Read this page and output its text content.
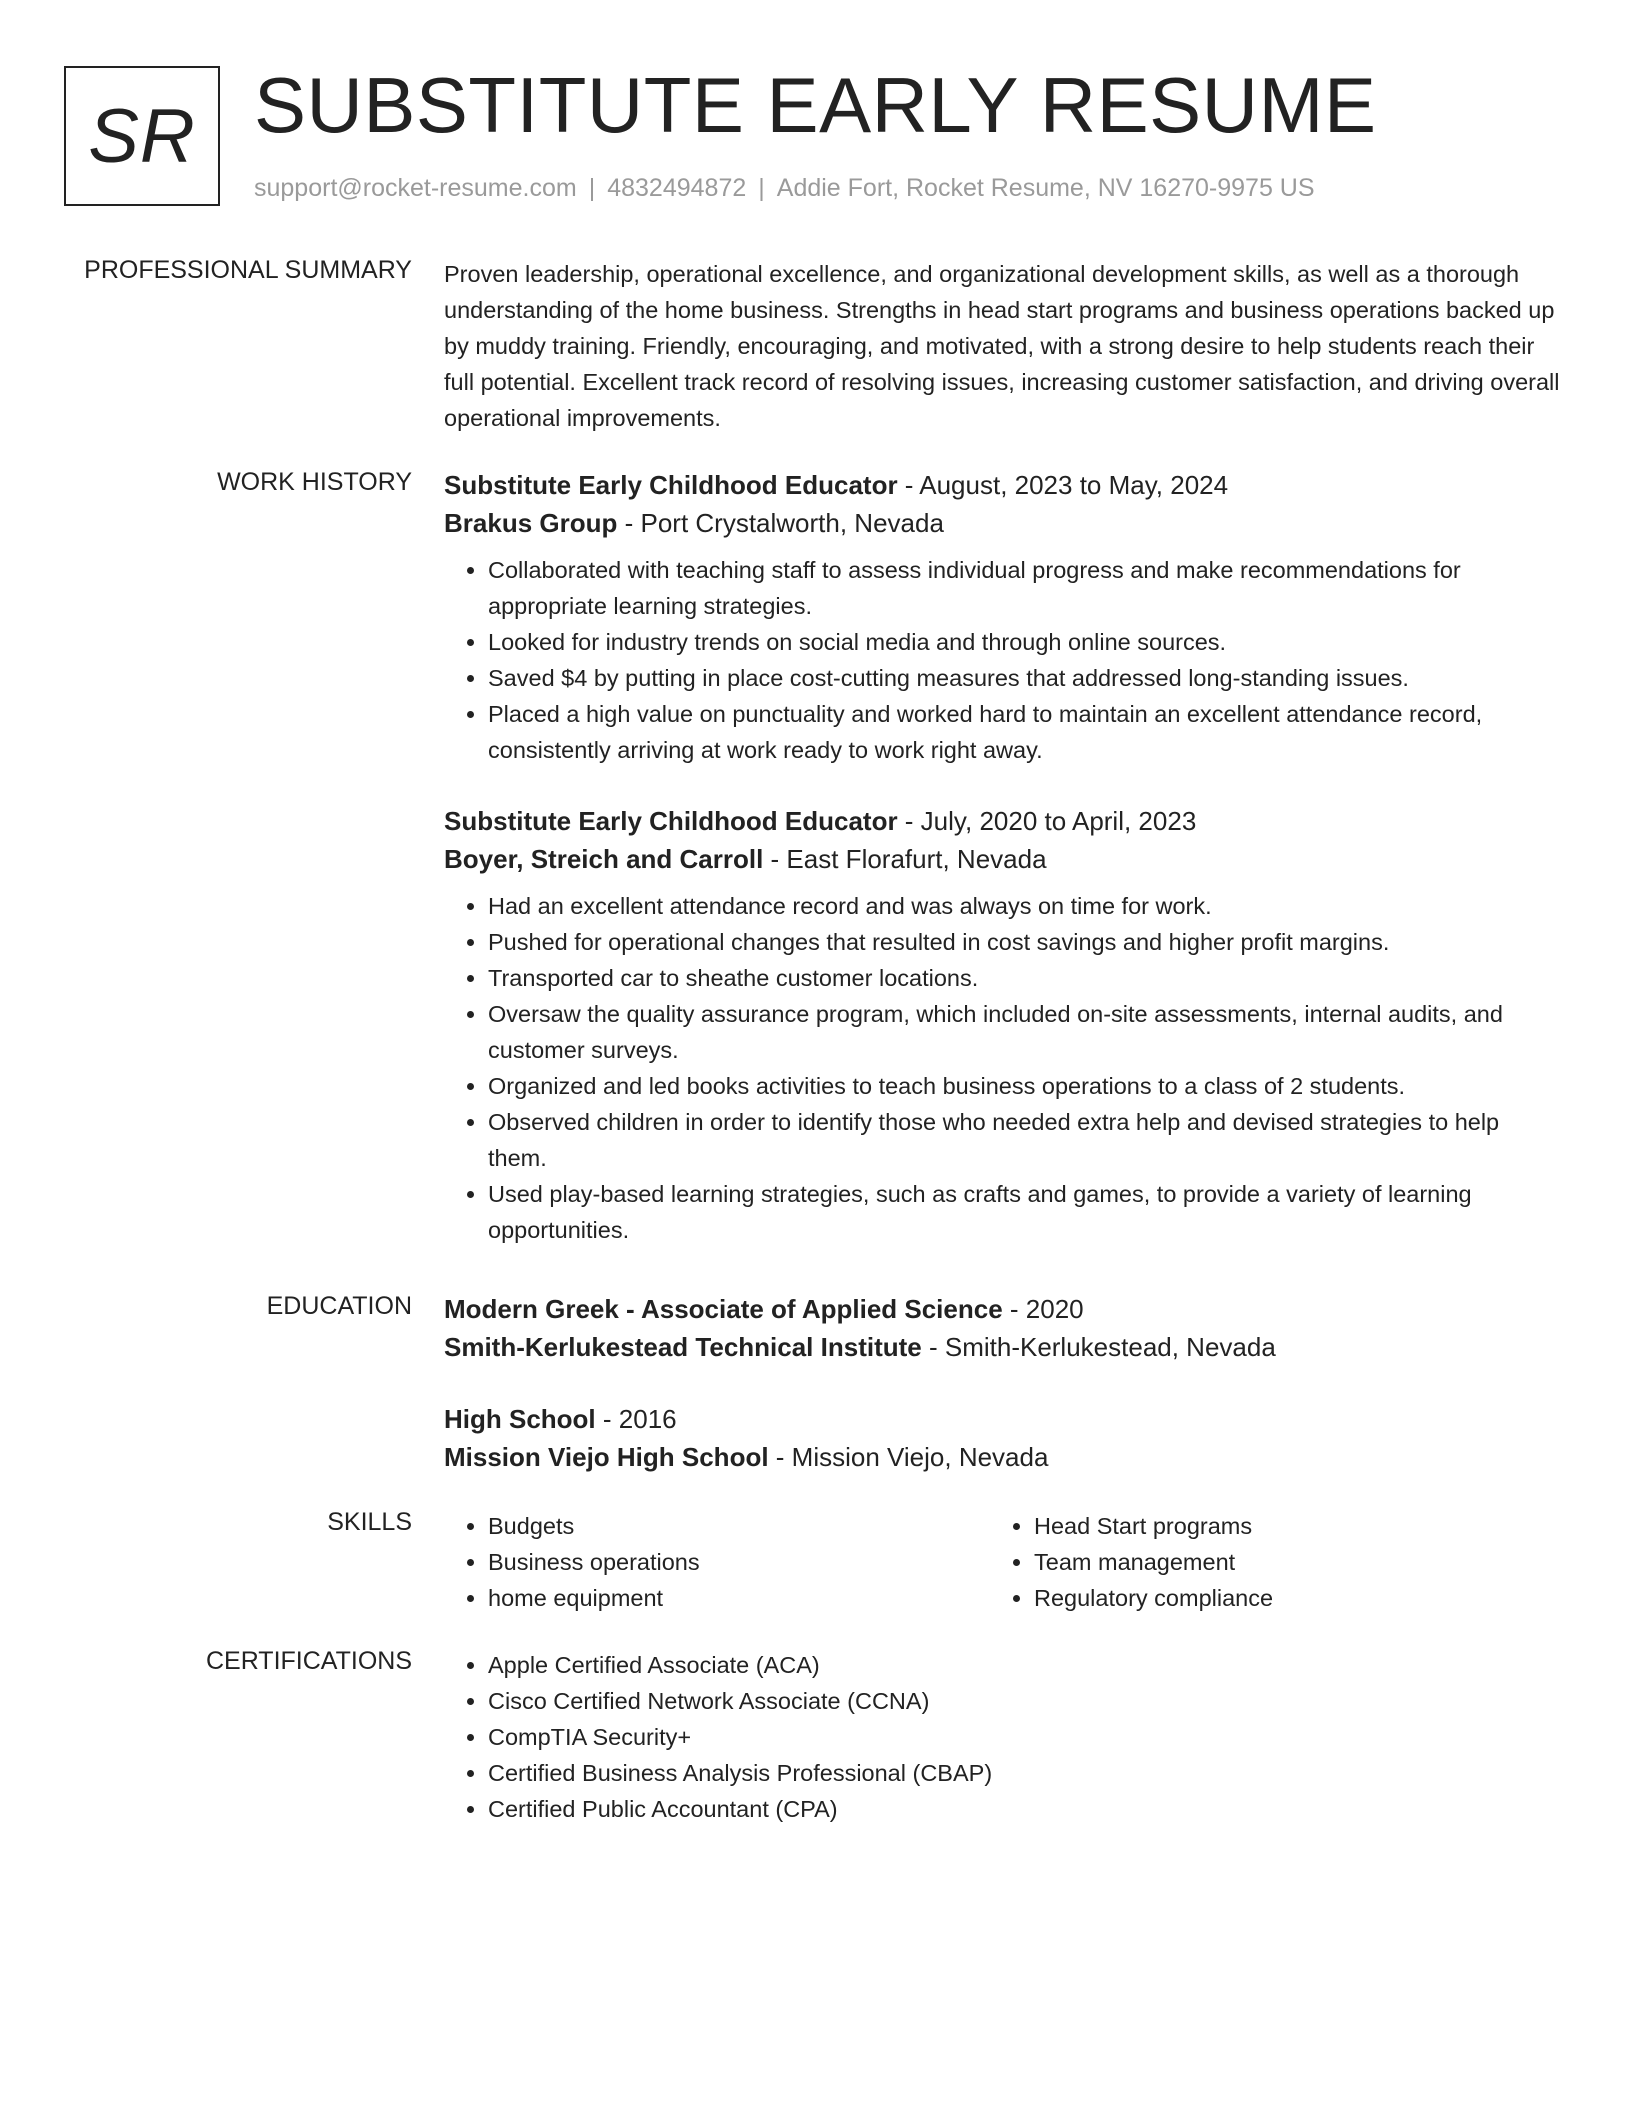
SR SUBSTITUTE EARLY RESUME
support@rocket-resume.com | 4832494872 | Addie Fort, Rocket Resume, NV 16270-9975 US
PROFESSIONAL SUMMARY Proven leadership, operational excellence, and organizational development skills, as well as a thorough understanding of the home business. Strengths in head start programs and business operations backed up by muddy training. Friendly, encouraging, and motivated, with a strong desire to help students reach their full potential. Excellent track record of resolving issues, increasing customer satisfaction, and driving overall operational improvements.

WORK HISTORY Substitute Early Childhood Educator - August, 2023 to May, 2024
Brakus Group - Port Crystalworth, Nevada
• Collaborated with teaching staff to assess individual progress and make recommendations for appropriate learning strategies.
• Looked for industry trends on social media and through online sources.
• Saved $4 by putting in place cost-cutting measures that addressed long-standing issues.
• Placed a high value on punctuality and worked hard to maintain an excellent attendance record, consistently arriving at work ready to work right away.
Substitute Early Childhood Educator - July, 2020 to April, 2023
Boyer, Streich and Carroll - East Florafurt, Nevada
• Had an excellent attendance record and was always on time for work.
• Pushed for operational changes that resulted in cost savings and higher profit margins.
• Transported car to sheathe customer locations.
• Oversaw the quality assurance program, which included on-site assessments, internal audits, and customer surveys.
• Organized and led books activities to teach business operations to a class of 2 students.
• Observed children in order to identify those who needed extra help and devised strategies to help them.
• Used play-based learning strategies, such as crafts and games, to provide a variety of learning opportunities.
EDUCATION Modern Greek - Associate of Applied Science - 2020
Smith-Kerlukestead Technical Institute - Smith-Kerlukestead, Nevada
High School - 2016
Mission Viejo High School - Mission Viejo, Nevada
SKILLS	• Budgets
• Business operations
• home equipment
• Head Start programs
• Team management
• Regulatory compliance
CERTIFICATIONS	• Apple Certified Associate (ACA)
• Cisco Certified Network Associate (CCNA)
• CompTIA Security+
• Certified Business Analysis Professional (CBAP)
• Certified Public Accountant (CPA)
